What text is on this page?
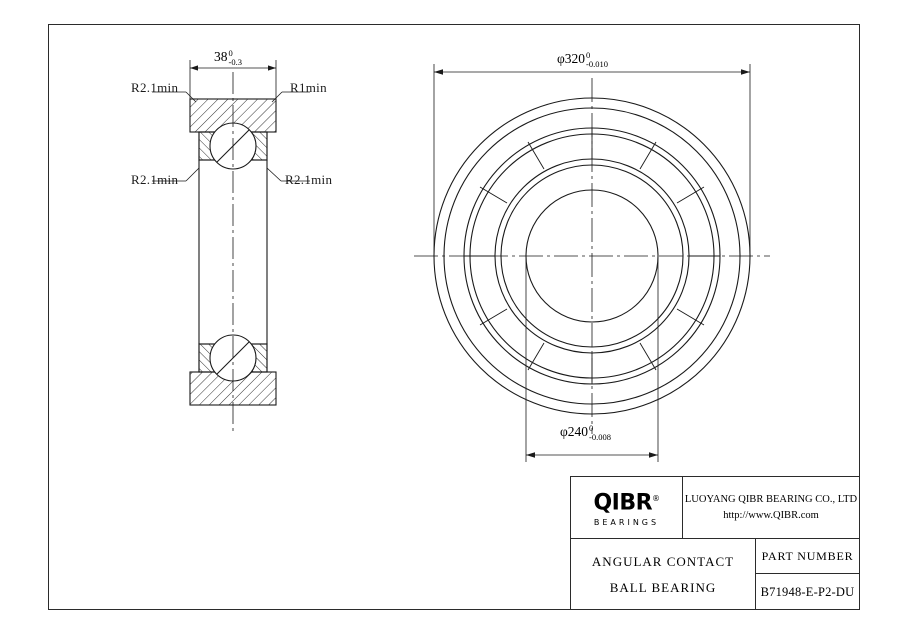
38 0
-0.3
R2.1min	R1min
R2.1min	R2.1min
φ320 0
-0.010
φ240 0
-0.008
QIBR®
BEARINGS
LUOYANG QIBR BEARING CO., LTD
http://www.QIBR.com
ANGULAR CONTACT
BALL BEARING
PART NUMBER
B71948-E-P2-DU
